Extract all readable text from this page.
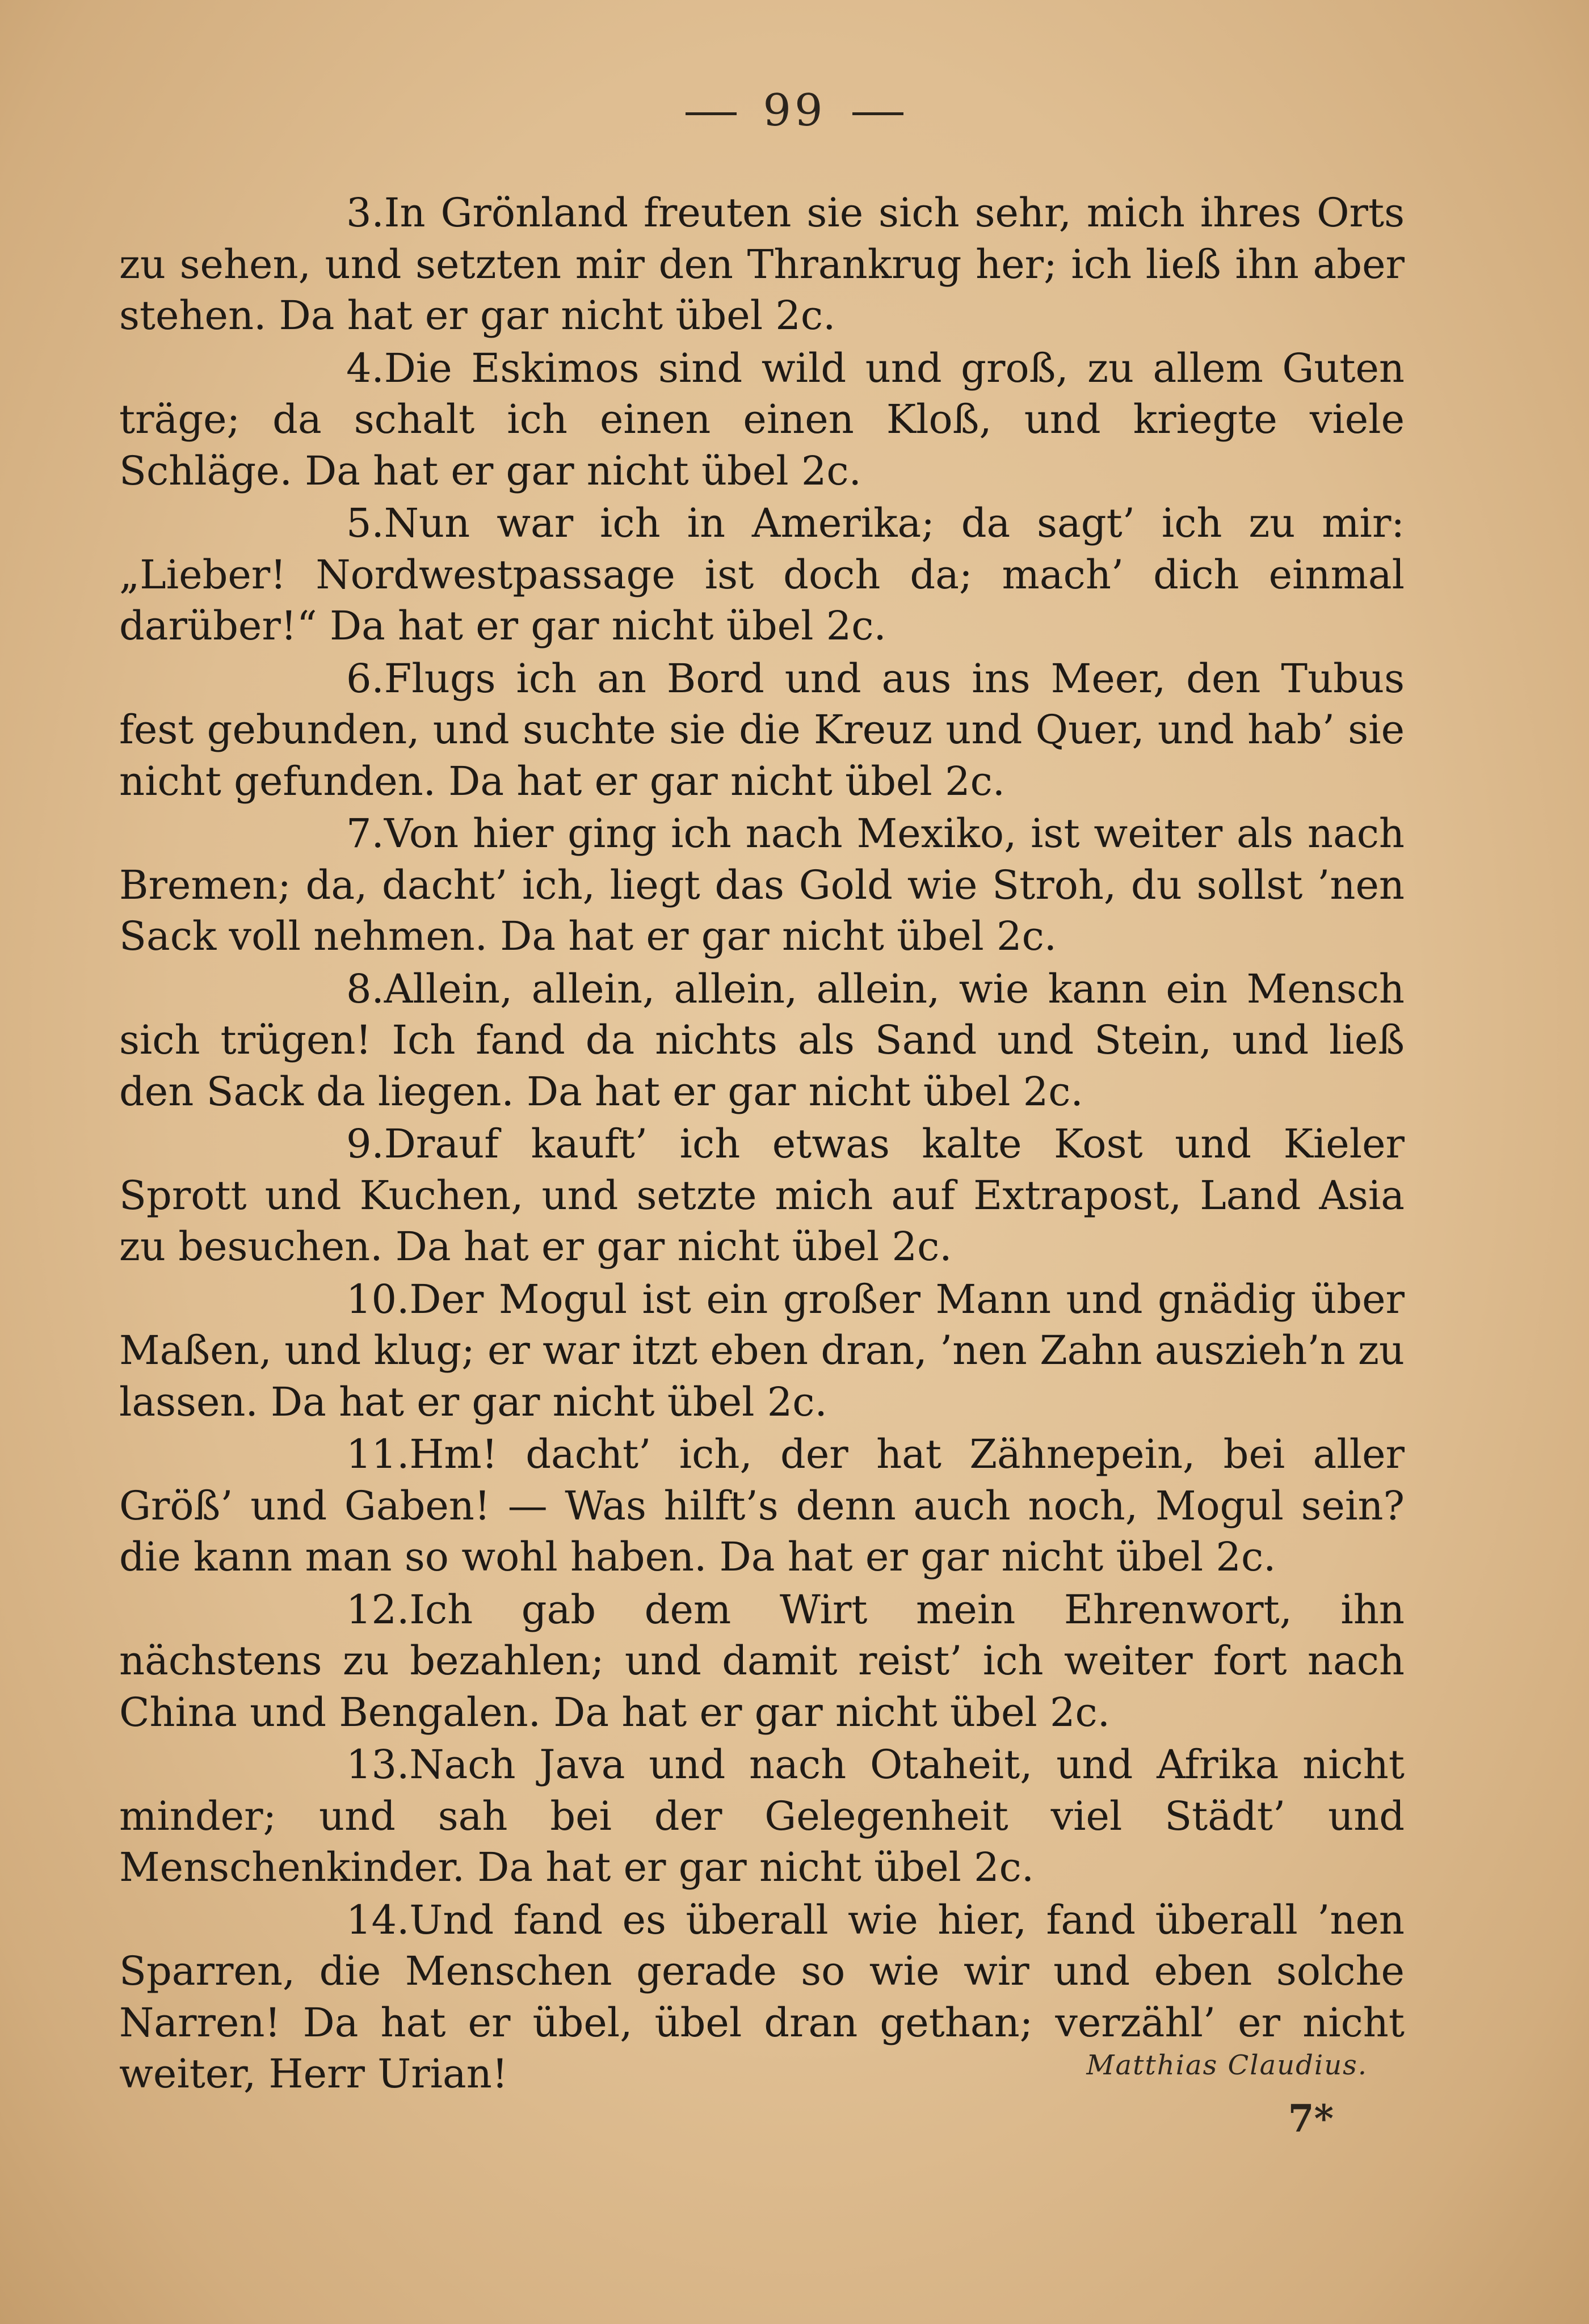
99

3.In Grönland freuten sie sich sehr, mich ihres Orts zu sehen, und setzten mir den Thrankrug her; ich ließ ihn aber stehen. Da hat er gar nicht übel 2c.

4.Die Eskimos sind wild und groß, zu allem Guten träge; da schalt ich einen einen Kloß, und kriegte viele Schläge. Da hat er gar nicht übel 2c.

5.Nun war ich in Amerika; da sagt’ ich zu mir: „Lieber! Nordwestpassage ist doch da; mach’ dich einmal darüber!“ Da hat er gar nicht übel 2c.

6.Flugs ich an Bord und aus ins Meer, den Tubus fest gebunden, und suchte sie die Kreuz und Quer, und hab’ sie nicht gefunden. Da hat er gar nicht übel 2c.

7.Von hier ging ich nach Mexiko, ist weiter als nach Bremen; da, dacht’ ich, liegt das Gold wie Stroh, du sollst ’nen Sack voll nehmen. Da hat er gar nicht übel 2c.

8.Allein, allein, allein, allein, wie kann ein Mensch sich trügen! Ich fand da nichts als Sand und Stein, und ließ den Sack da liegen. Da hat er gar nicht übel 2c.

9.Drauf kauft’ ich etwas kalte Kost und Kieler Sprott und Kuchen, und setzte mich auf Extrapost, Land Asia zu besuchen. Da hat er gar nicht übel 2c.

10.Der Mogul ist ein großer Mann und gnädig über Maßen, und klug; er war itzt eben dran, ’nen Zahn auszieh’n zu lassen. Da hat er gar nicht übel 2c.

11.Hm! dacht’ ich, der hat Zähnepein, bei aller Größ’ und Gaben! — Was hilft’s denn auch noch, Mogul sein? die kann man so wohl haben. Da hat er gar nicht übel 2c.

12.Ich gab dem Wirt mein Ehrenwort, ihn nächstens zu bezahlen; und damit reist’ ich weiter fort nach China und Bengalen. Da hat er gar nicht übel 2c.

13.Nach Java und nach Otaheit, und Afrika nicht minder; und sah bei der Gelegenheit viel Städt’ und Menschenkinder. Da hat er gar nicht übel 2c.

14.Und fand es überall wie hier, fand überall ’nen Sparren, die Menschen gerade so wie wir und eben solche Narren! Da hat er übel, übel dran gethan; verzähl’ er nicht weiter, Herr Urian!	Matthias Claudius.
7*
